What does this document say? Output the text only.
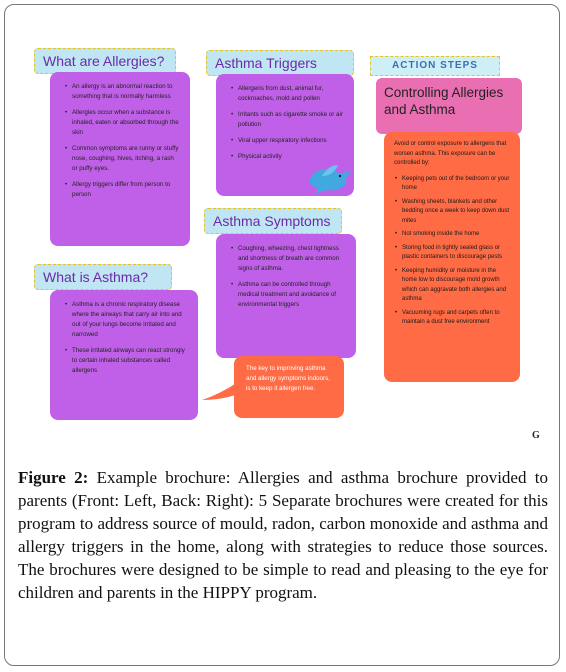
What are Allergies?
• An allergy is an abnormal reaction to something that is normally harmless
• Allergies occur when a substance is inhaled, eaten or absorbed through the skin
• Common symptoms are runny or stuffy nose, coughing, hives, itching, a rash or puffy eyes.
• Allergy triggers differ from person to person
Asthma Triggers
• Allergens from dust, animal fur, cockroaches, mold and pollen
• Irritants such as cigarette smoke or air pollution
• Viral upper respiratory infections
• Physical activity
Asthma Symptoms
• Coughing, wheezing, chest tightness and shortness of breath are common signs of asthma.
• Asthma can be controlled through medical treatment and avoidance of environmental triggers
The key to improving asthma and allergy symptoms indoors, is to keep it allergen free.
What is Asthma?
• Asthma is a chronic respiratory disease where the airways that carry air into and out of your lungs become irritated and narrowed
• These irritated airways can react strongly to certain inhaled substances called allergens
ACTION STEPS
Controlling Allergies and Asthma
Avoid or control exposure to allergens that worsen asthma. This exposure can be controlled by:
• Keeping pets out of the bedroom or your home
• Washing sheets, blankets and other bedding once a week to keep down dust mites
• Not smoking inside the home
• Storing food in tightly sealed glass or plastic containers to discourage pests
• Keeping humidity or moisture in the home low to discourage mold growth which can aggravate both allergies and asthma
• Vacuuming rugs and carpets often to maintain a dust free environment
G
Figure 2: Example brochure: Allergies and asthma brochure provided to parents (Front: Left, Back: Right): 5 Separate brochures were created for this program to address source of mould, radon, carbon monoxide and asthma and allergy triggers in the home, along with strategies to reduce those sources. The brochures were designed to be simple to read and pleasing to the eye for children and parents in the HIPPY program.
